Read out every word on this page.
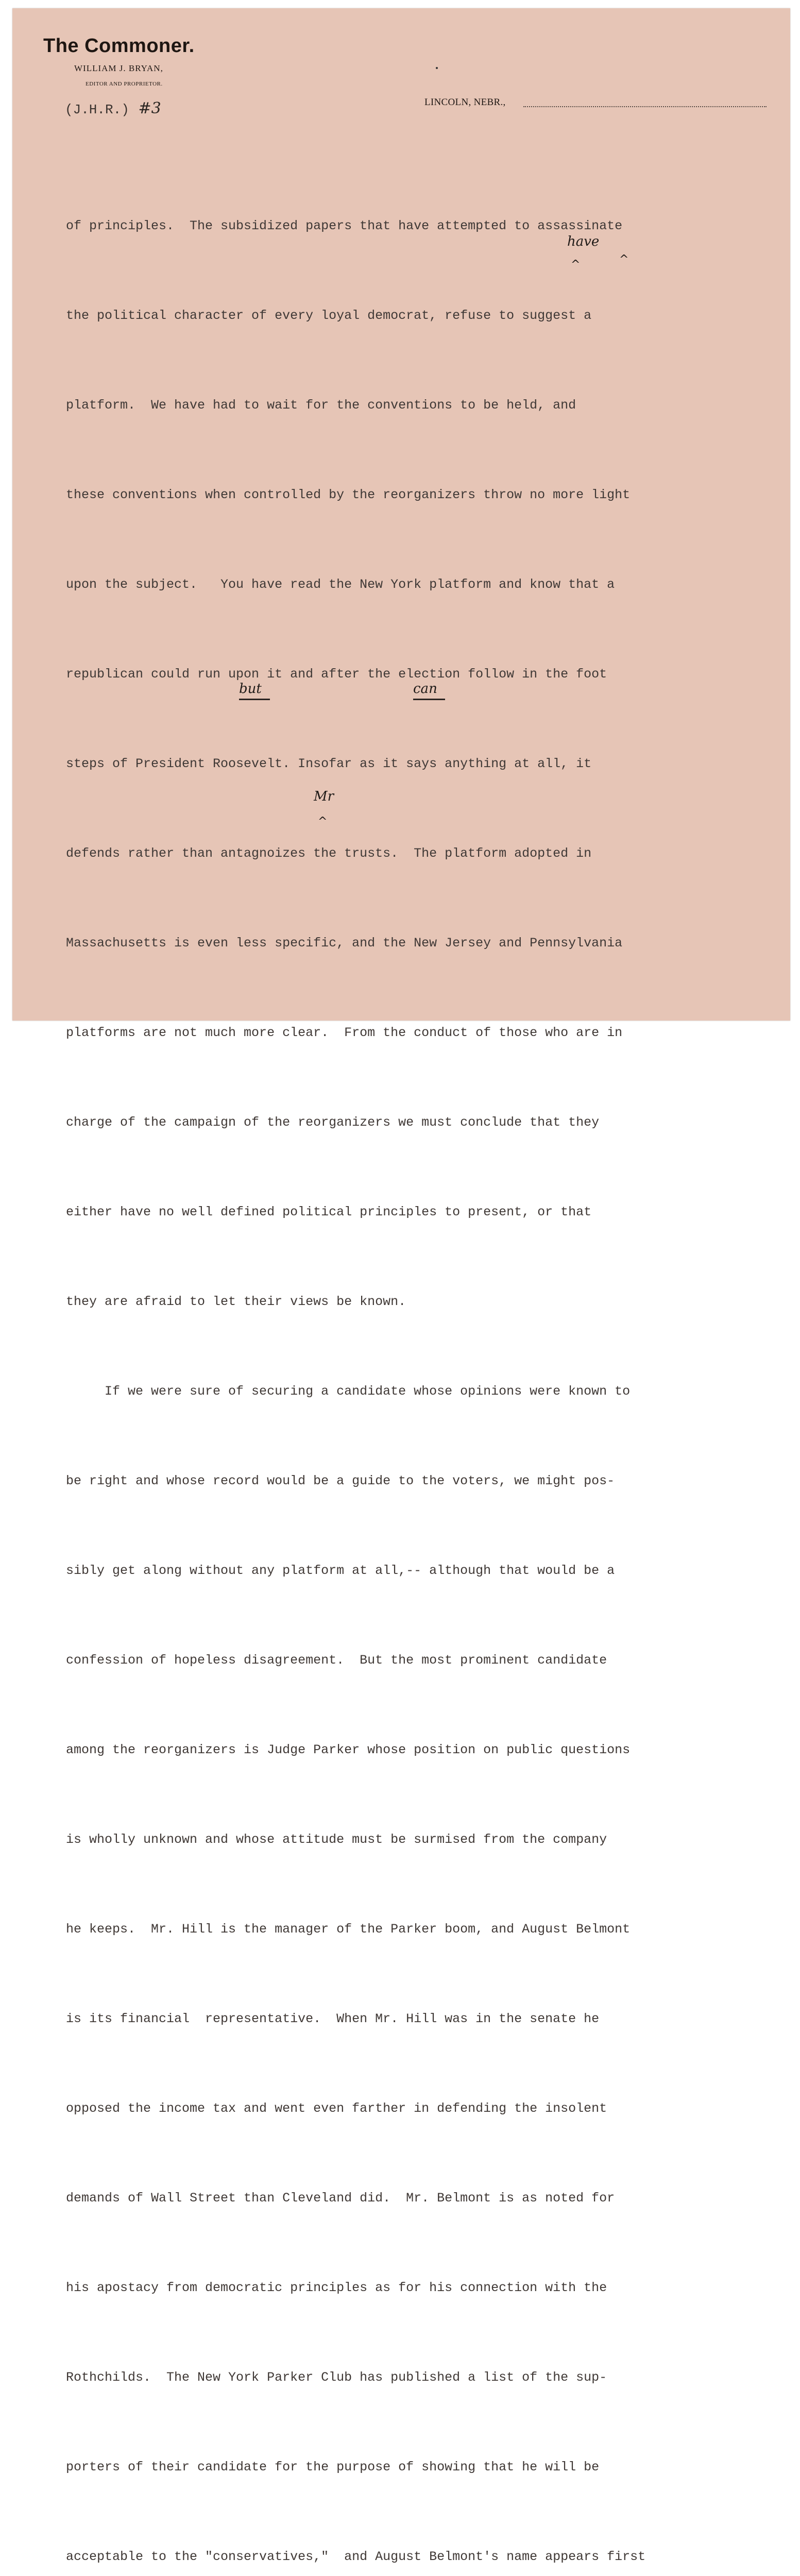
The Commoner.
WILLIAM J. BRYAN,
EDITOR AND PROPRIETOR.
(J.H.R.) #3	LINCOLN, NEBR.,

of principles.  The subsidized papers that have attempted to assassinate

the political character of every loyal democrat, refuse to suggest a

platform.  We have had to wait for the conventions to be held, and

these conventions when controlled by the reorganizers throw no more light

upon the subject.   You have read the New York platform and know that a

republican could run upon it and after the election follow in the foot

steps of President Roosevelt. Insofar as it says anything at all, it

defends rather than antagnoizes the trusts.  The platform adopted in

Massachusetts is even less specific, and the New Jersey and Pennsylvania

platforms are not much more clear.  From the conduct of those who are in

charge of the campaign of the reorganizers we must conclude that they

either have no well defined political principles to present, or that

they are afraid to let their views be known.

If we were sure of securing a candidate whose opinions were known to

be right and whose record would be a guide to the voters, we might pos-

sibly get along without any platform at all,-- although that would be a

confession of hopeless disagreement.  But the most prominent candidate

among the reorganizers is Judge Parker whose position on public questions

is wholly unknown and whose attitude must be surmised from the company

he keeps.  Mr. Hill is the manager of the Parker boom, and August Belmont

is its financial  representative.  When Mr. Hill was in the senate he

opposed the income tax and went even farther in defending the insolent

demands of Wall Street than Cleveland did.  Mr. Belmont is as noted for

his apostacy from democratic principles as for his connection with the

Rothchilds.  The New York Parker Club has published a list of the sup-

porters of their candidate for the purpose of showing that he will be

acceptable to the "conservatives,"  and August Belmont's name appears first

have
^	^
but	can
Mr
^
